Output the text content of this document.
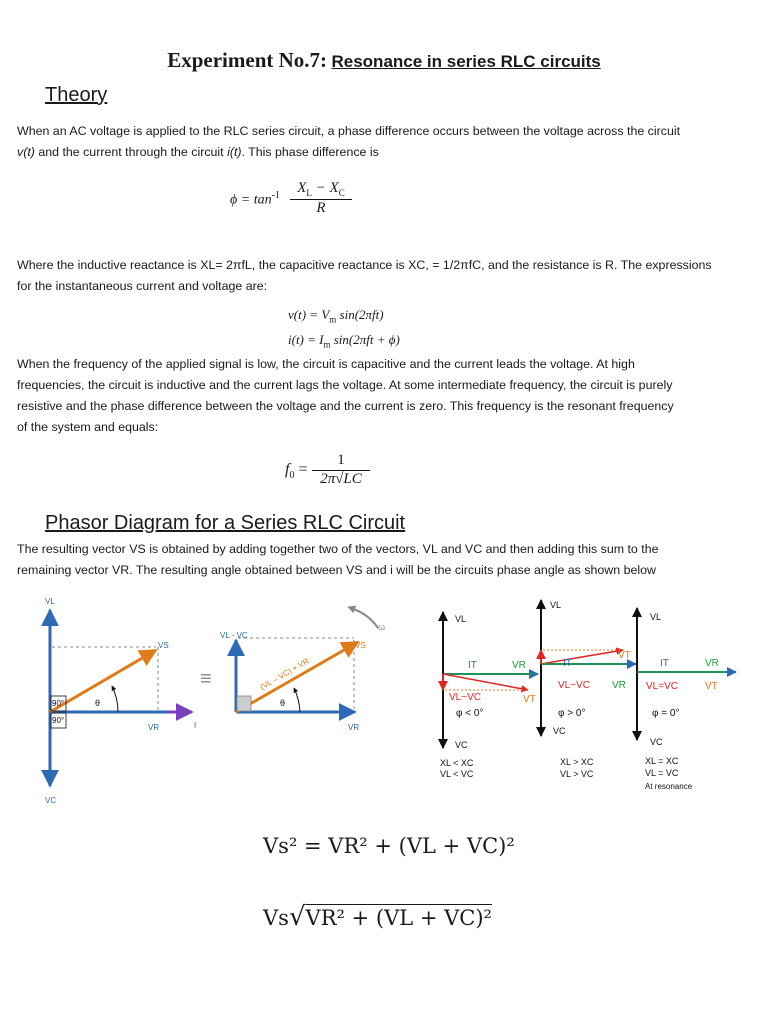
Experiment No.7: Resonance in series RLC circuits
Theory
When an AC voltage is applied to the RLC series circuit, a phase difference occurs between the voltage across the circuit
v(t) and the current through the circuit i(t). This phase difference is
$\phi = \tan^{-1}$	$X_L - X_C$
R
Where the inductive reactance is XL= 2πfL, the capacitive reactance is XC, = 1/2πfC, and the resistance is R. The expressions
for the instantaneous current and voltage are:
$v(t) = V_m$ sin(2πft)
$i(t) = I_m$ sin(2πft + ϕ)
When the frequency of the applied signal is low, the circuit is capacitive and the current leads the voltage. At high
frequencies, the circuit is inductive and the current lags the voltage. At some intermediate frequency, the circuit is purely
resistive and the phase difference between the voltage and the current is zero. This frequency is the resonant frequency
of the system and equals:
$f_0$ =
1
2π√LC
Phasor Diagram for a Series RLC Circuit
The resulting vector VS is obtained by adding together two of the vectors, VL and VC and then adding this sum to the
remaining vector VR. The resulting angle obtained between VS and i will be the circuits phase angle as shown below
VL
VC
VS
VR	I
θ
90°
90°
≡
ω
VL - VC
VS
VR
θ
(VL – VC) + VR
VL
IT	VR
VL−VC	VT
φ < 0°
VC
XL < XC
VL < VC
VL
IT
VT
VL−VC VR
φ > 0°
VC
XL > XC
VL > VC
VL
IT	VR
VL=VC	VT
φ = 0°
VC
XL = XC
VL = VC
At resonance
Vs² = VR² + (VL + VC)²
Vs√VR² + (VL + VC)²
